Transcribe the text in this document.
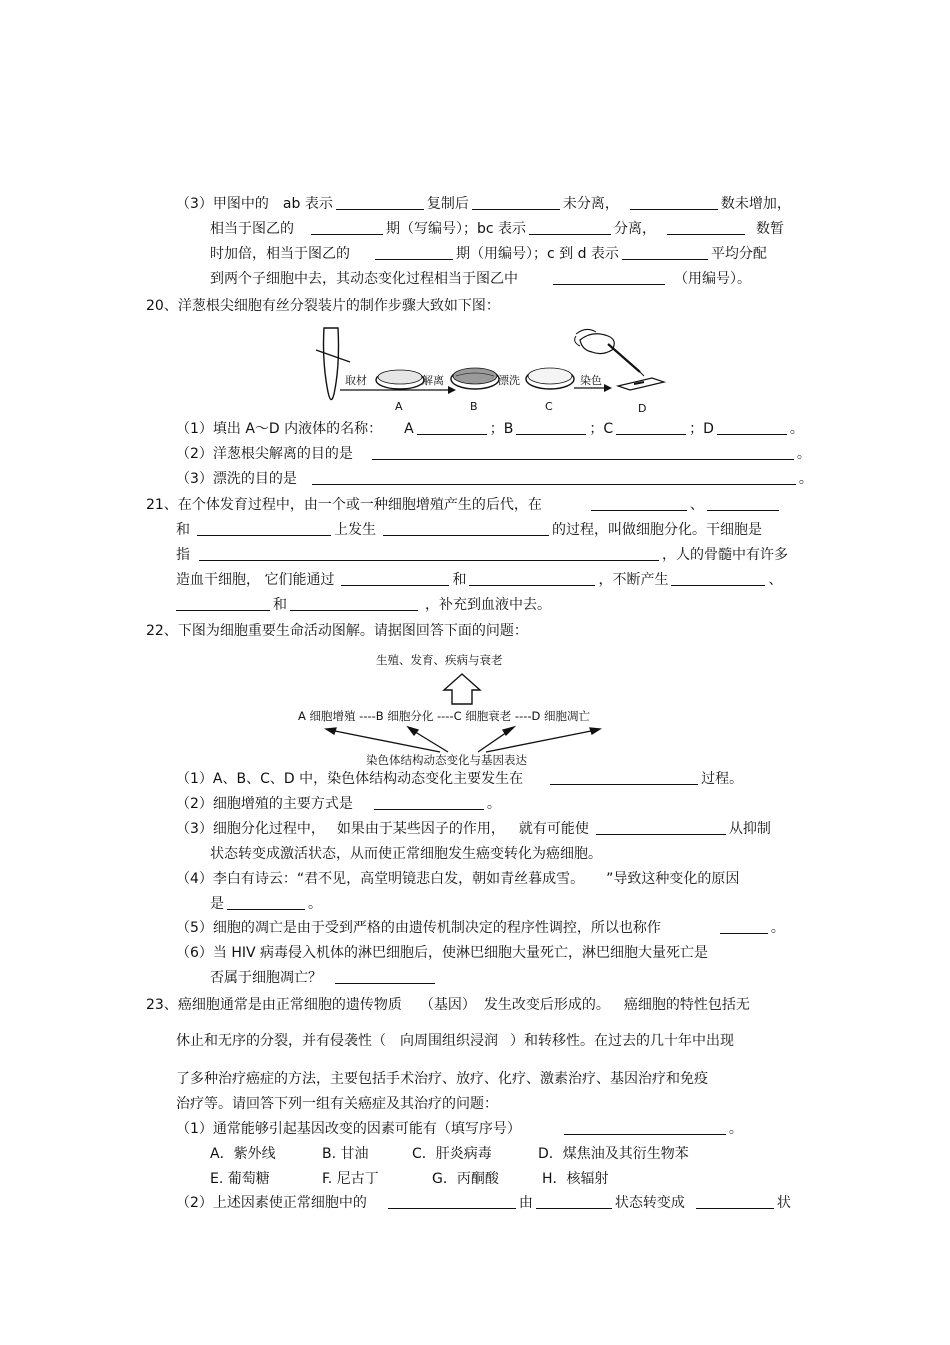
（3）甲图中的 ab 表示	复制后	未分离，	数未增加，
相当于图乙的	期（写编号）；bc 表示	分离，	数暂
时加倍，相当于图乙的	期（用编号）；c 到 d 表示	平均分配
到两个子细胞中去，其动态变化过程相当于图乙中	（用编号）。
20、洋葱根尖细胞有丝分裂装片的制作步骤大致如下图：
取材
A
解离
B
漂洗
C
染色
D
（1）填出 A～D 内液体的名称： A	；B	；C	；D	。
（2）洋葱根尖解离的目的是	。
（3）漂洗的目的是	。
21、在个体发育过程中，由一个或一种细胞增殖产生的后代，在	、
和	上发生	的过程，叫做细胞分化。干细胞是
指	，人的骨髓中有许多
造血干细胞， 它们能通过	和	，不断产生	、
和	，补充到血液中去。
22、下图为细胞重要生命活动图解。请据图回答下面的问题：
生殖、发育、疾病与衰老
A 细胞增殖 ----B 细胞分化 ----C 细胞衰老 ----D 细胞凋亡
染色体结构动态变化与基因表达
（1）A、B、C、D 中，染色体结构动态变化主要发生在	过程。
（2）细胞增殖的主要方式是	。
（3）细胞分化过程中， 如果由于某些因子的作用， 就有可能使	从抑制
状态转变成激活状态，从而使正常细胞发生癌变转化为癌细胞。
（4）李白有诗云：“君不见，高堂明镜悲白发，朝如青丝暮成雪。 ”导致这种变化的原因
是	。
（5）细胞的凋亡是由于受到严格的由遗传机制决定的程序性调控，所以也称作	。
（6）当 HIV 病毒侵入机体的淋巴细胞后，使淋巴细胞大量死亡，淋巴细胞大量死亡是
否属于细胞凋亡？
23、癌细胞通常是由正常细胞的遗传物质 （基因） 发生改变后形成的。 癌细胞的特性包括无
休止和无序的分裂，并有侵袭性（ 向周围组织浸润 ）和转移性。在过去的几十年中出现
了多种治疗癌症的方法，主要包括手术治疗、放疗、化疗、激素治疗、基因治疗和免疫
治疗等。请回答下列一组有关癌症及其治疗的问题：
（1）通常能够引起基因改变的因素可能有（填写序号）	。
A．紫外线	B. 甘油	C．肝炎病毒	D．煤焦油及其衍生物苯
E. 葡萄糖	F. 尼古丁	G．丙酮酸	H．核辐射
（2）上述因素使正常细胞中的	由	状态转变成	状
